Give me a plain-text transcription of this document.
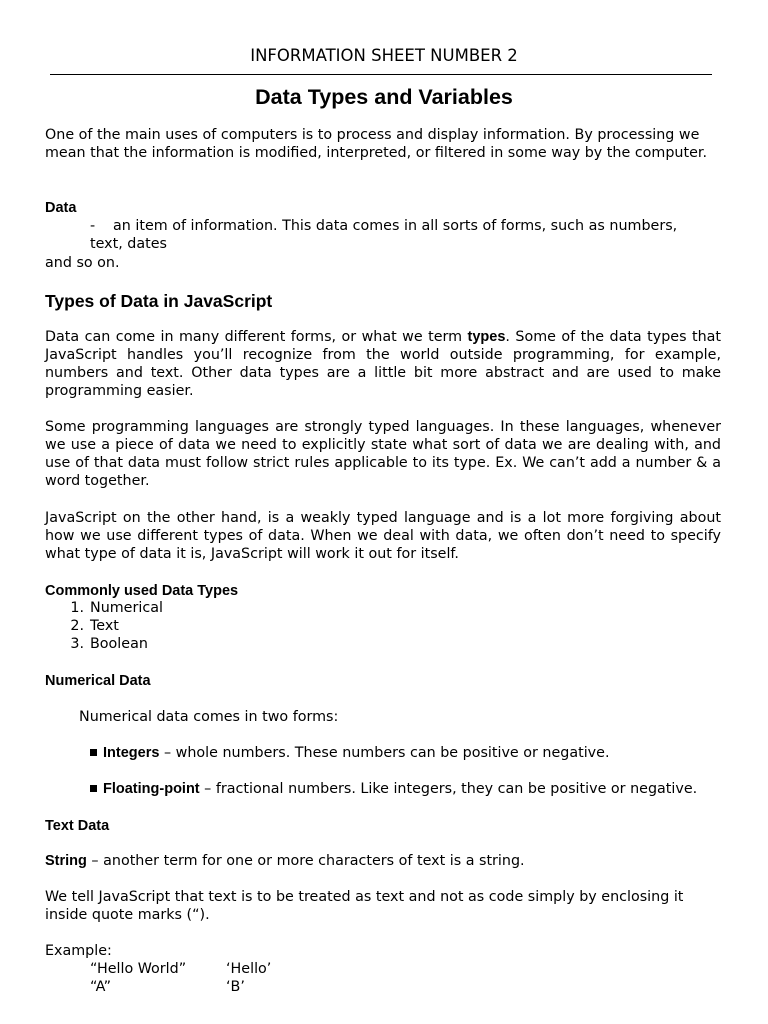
INFORMATION SHEET NUMBER 2
Data Types and Variables
One of the main uses of computers is to process and display information. By processing we mean that the information is modified, interpreted, or filtered in some way by the computer.
Data
- an item of information. This data comes in all sorts of forms, such as numbers,
text, dates
and so on.
Types of Data in JavaScript
Data can come in many different forms, or what we term types. Some of the data types that JavaScript handles you’ll recognize from the world outside programming, for example, numbers and text. Other data types are a little bit more abstract and are used to make programming easier.
Some programming languages are strongly typed languages. In these languages, whenever we use a piece of data we need to explicitly state what sort of data we are dealing with, and use of that data must follow strict rules applicable to its type. Ex. We can’t add a number & a word together.
JavaScript on the other hand, is a weakly typed language and is a lot more forgiving about how we use different types of data. When we deal with data, we often don’t need to specify what type of data it is, JavaScript will work it out for itself.
Commonly used Data Types
1. Numerical
2. Text
3. Boolean
Numerical Data
Numerical data comes in two forms:
Integers – whole numbers. These numbers can be positive or negative.
Floating-point – fractional numbers. Like integers, they can be positive or negative.
Text Data
String – another term for one or more characters of text is a string.
We tell JavaScript that text is to be treated as text and not as code simply by enclosing it inside quote marks (“).
Example:
“Hello World”	‘Hello’
“A”	‘B’
